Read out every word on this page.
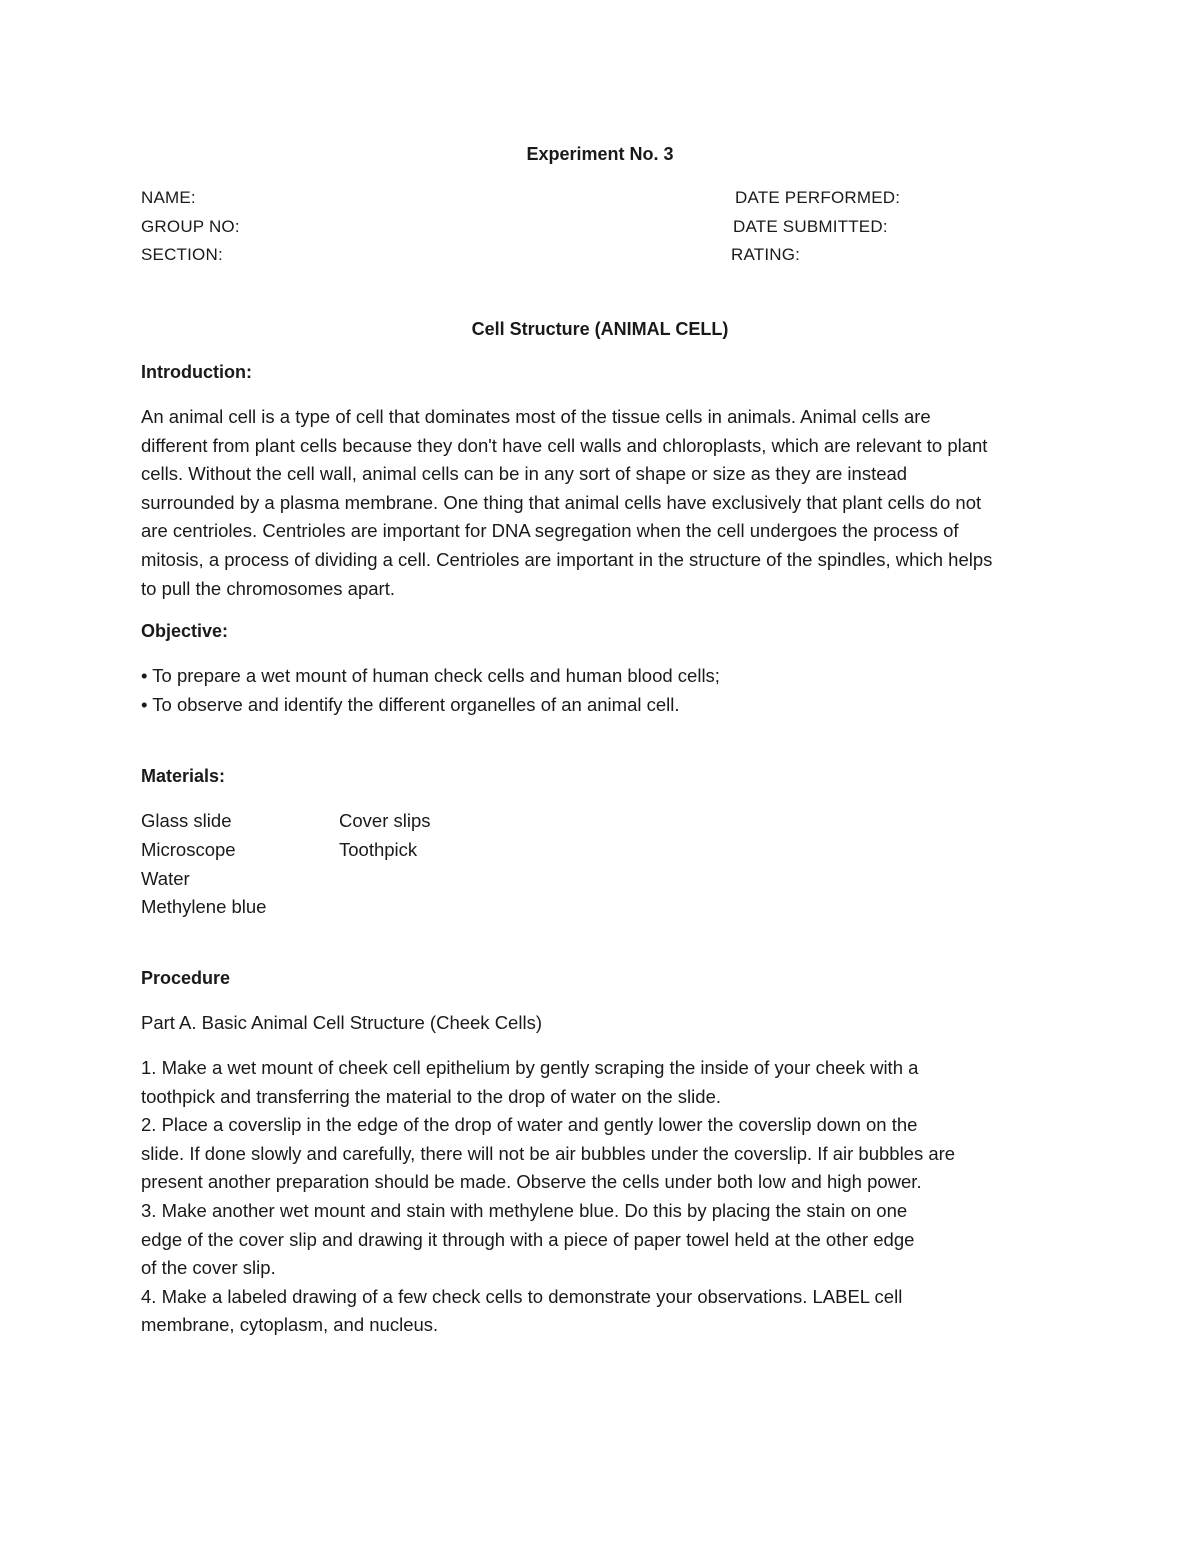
Experiment No. 3
NAME:
GROUP NO:
SECTION:
DATE PERFORMED:
DATE SUBMITTED:
RATING:
Cell Structure (ANIMAL CELL)
Introduction:
An animal cell is a type of cell that dominates most of the tissue cells in animals. Animal cells are
different from plant cells because they don't have cell walls and chloroplasts, which are relevant to plant
cells. Without the cell wall, animal cells can be in any sort of shape or size as they are instead
surrounded by a plasma membrane. One thing that animal cells have exclusively that plant cells do not
are centrioles. Centrioles are important for DNA segregation when the cell undergoes the process of
mitosis, a process of dividing a cell. Centrioles are important in the structure of the spindles, which helps
to pull the chromosomes apart.
Objective:
• To prepare a wet mount of human check cells and human blood cells;
• To observe and identify the different organelles of an animal cell.
Materials:
Glass slide
Microscope
Water
Methylene blue
Cover slips
Toothpick
Procedure
Part A. Basic Animal Cell Structure (Cheek Cells)
1. Make a wet mount of cheek cell epithelium by gently scraping the inside of your cheek with a
toothpick and transferring the material to the drop of water on the slide.
2. Place a coverslip in the edge of the drop of water and gently lower the coverslip down on the
slide. If done slowly and carefully, there will not be air bubbles under the coverslip. If air bubbles are
present another preparation should be made. Observe the cells under both low and high power.
3. Make another wet mount and stain with methylene blue. Do this by placing the stain on one
edge of the cover slip and drawing it through with a piece of paper towel held at the other edge
of the cover slip.
4. Make a labeled drawing of a few check cells to demonstrate your observations. LABEL cell
membrane, cytoplasm, and nucleus.
